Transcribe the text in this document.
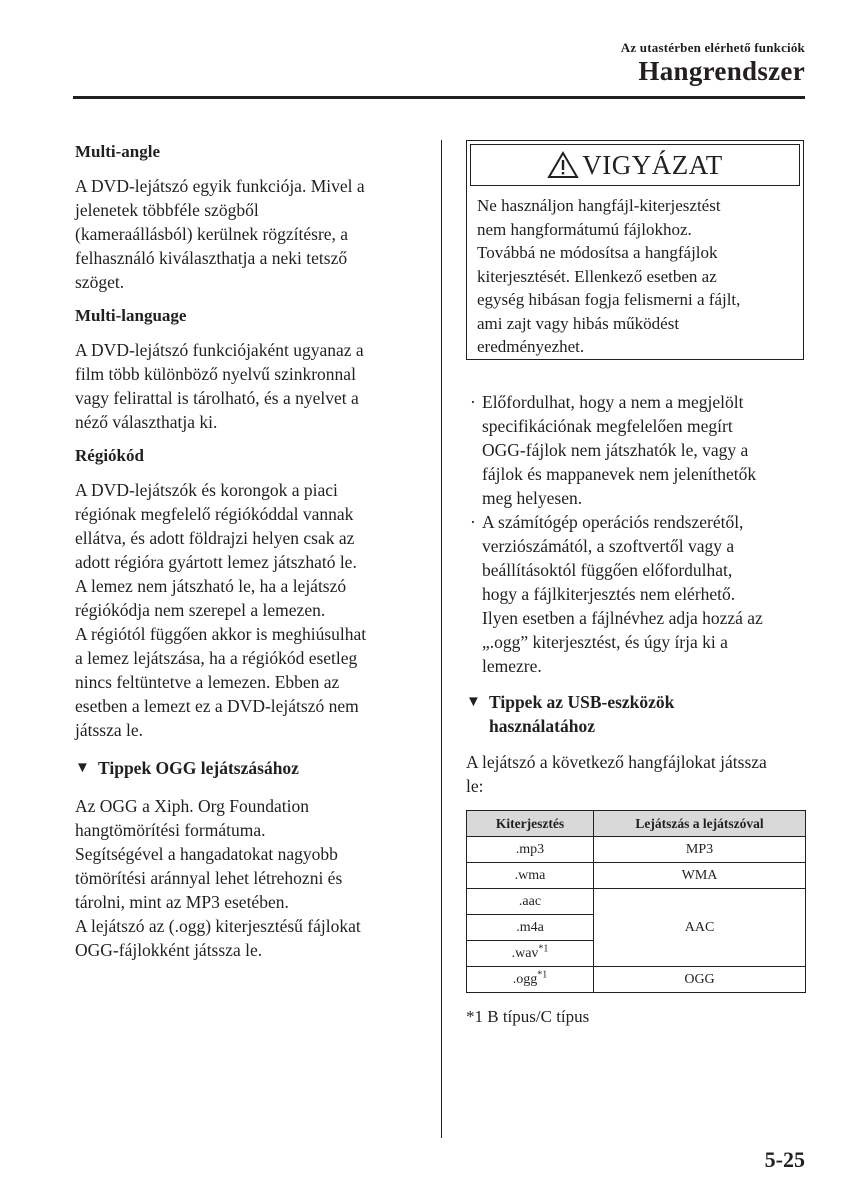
Az utastérben elérhető funkciók
Hangrendszer
Multi-angle
A DVD-lejátszó egyik funkciója. Mivel a
jelenetek többféle szögből
(kameraállásból) kerülnek rögzítésre, a
felhasználó kiválaszthatja a neki tetsző
szöget.
Multi-language
A DVD-lejátszó funkciójaként ugyanaz a
film több különböző nyelvű szinkronnal
vagy felirattal is tárolható, és a nyelvet a
néző választhatja ki.
Régiókód
A DVD-lejátszók és korongok a piaci
régiónak megfelelő régiókóddal vannak
ellátva, és adott földrajzi helyen csak az
adott régióra gyártott lemez játszható le.
A lemez nem játszható le, ha a lejátszó
régiókódja nem szerepel a lemezen.
A régiótól függően akkor is meghiúsulhat
a lemez lejátszása, ha a régiókód esetleg
nincs feltüntetve a lemezen. Ebben az
esetben a lemezt ez a DVD-lejátszó nem
játssza le.
▼ Tippek OGG lejátszásához
Az OGG a Xiph. Org Foundation
hangtömörítési formátuma.
Segítségével a hangadatokat nagyobb
tömörítési aránnyal lehet létrehozni és
tárolni, mint az MP3 esetében.
A lejátszó az (.ogg) kiterjesztésű fájlokat
OGG-fájlokként játssza le.
VIGYÁZAT
Ne használjon hangfájl-kiterjesztést
nem hangformátumú fájlokhoz.
Továbbá ne módosítsa a hangfájlok
kiterjesztését. Ellenkező esetben az
egység hibásan fogja felismerni a fájlt,
ami zajt vagy hibás működést
eredményezhet.
· Előfordulhat, hogy a nem a megjelölt
specifikációnak megfelelően megírt
OGG-fájlok nem játszhatók le, vagy a
fájlok és mappanevek nem jeleníthetők
meg helyesen.
· A számítógép operációs rendszerétől,
verziószámától, a szoftvertől vagy a
beállításoktól függően előfordulhat,
hogy a fájlkiterjesztés nem elérhető.
Ilyen esetben a fájlnévhez adja hozzá az
„.ogg” kiterjesztést, és úgy írja ki a
lemezre.
▼ Tippek az USB-eszközök
használatához
A lejátszó a következő hangfájlokat játssza
le:
Kiterjesztés	Lejátszás a lejátszóval
.mp3	MP3
.wma	WMA
.aac	AAC
.m4a	
.wav$^{*1}$
.ogg$^{*1}$	OGG
*1 B típus/C típus
5-25
